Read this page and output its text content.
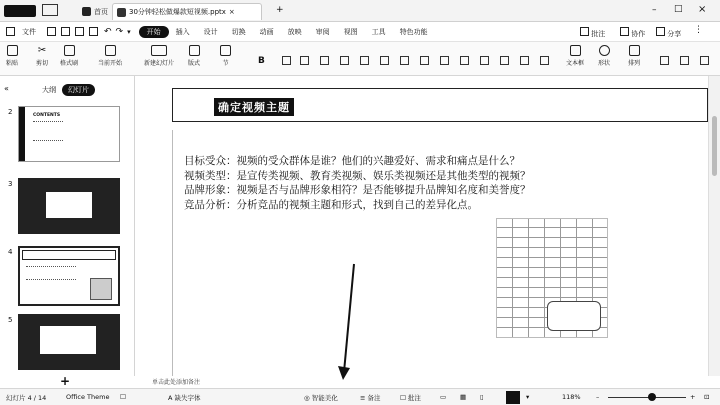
首页	30分钟轻松做爆款短视频.pptx ×	+	– □ ×
文件	↶ ↷ ▾	开始	插入	设计	切换	动画	放映	审阅	视图	工具	特色功能	批注	协作	分享 ⋮
粘贴
✂
剪切 格式刷	当前开始	新建幻灯片 版式	节	B	文本框 形状	排列
«	大纲	幻灯片
2	CONTENTS
3
4
5
+
确定视频主题
目标受众：视频的受众群体是谁？他们的兴趣爱好、需求和痛点是什么？
视频类型：是宣传类视频、教育类视频、娱乐类视频还是其他类型的视频？
品牌形象：视频是否与品牌形象相符？是否能够提升品牌知名度和美誉度？
竞品分析：分析竞品的视频主题和形式，找到自己的差异化点。
单击此处添加备注
幻灯片 4 / 14	Office Theme ☐	A 缺失字体	◎ 智能美化	≡ 备注	☐ 批注	▭ ▦ ▯	▾	118% –	+ ⊡
